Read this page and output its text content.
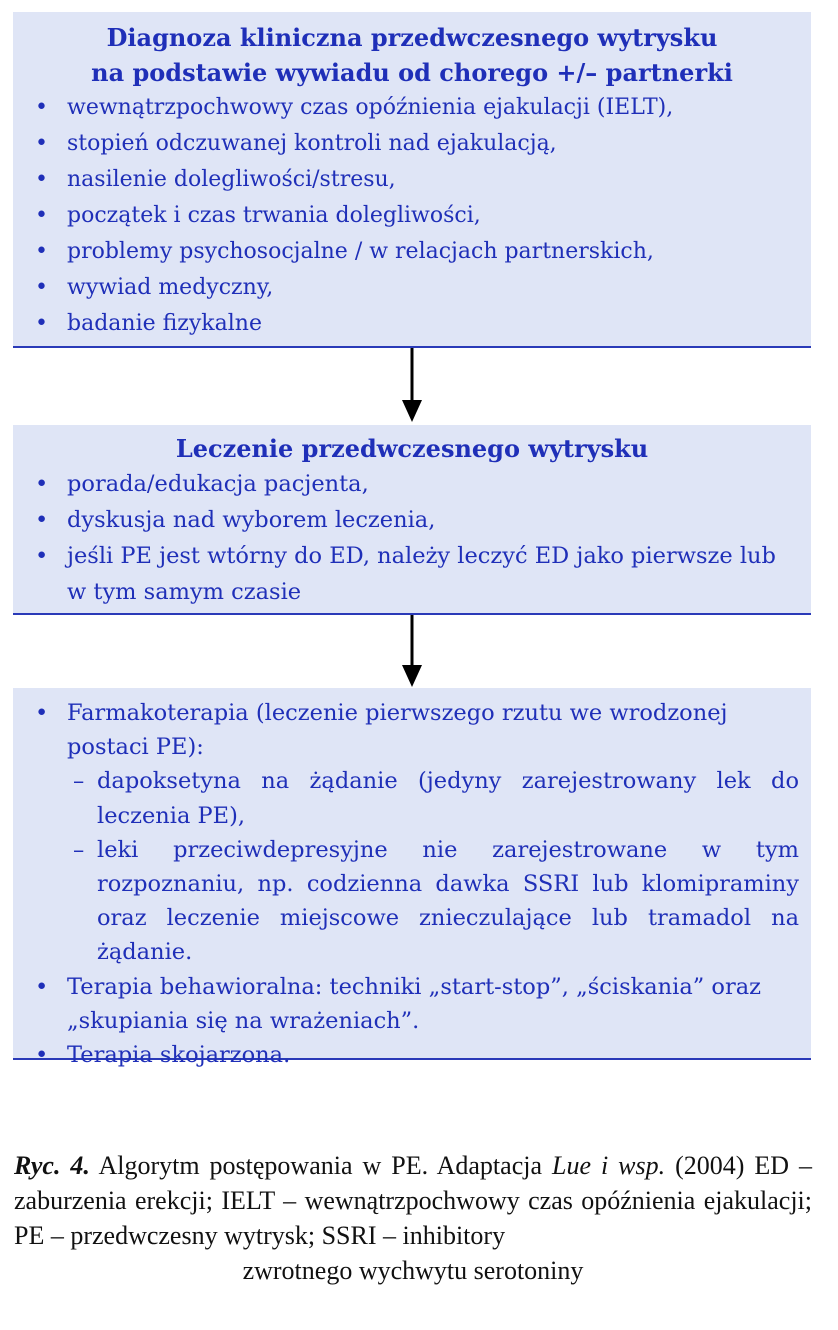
Diagnoza kliniczna przedwczesnego wytrysku
na podstawie wywiadu od chorego +/– partnerki
• wewnątrzpochwowy czas opóźnienia ejakulacji (IELT),
• stopień odczuwanej kontroli nad ejakulacją,
• nasilenie dolegliwości/stresu,
• początek i czas trwania dolegliwości,
• problemy psychosocjalne / w relacjach partnerskich,
• wywiad medyczny,
• badanie fizykalne
Leczenie przedwczesnego wytrysku
• porada/edukacja pacjenta,
• dyskusja nad wyborem leczenia,
• jeśli PE jest wtórny do ED, należy leczyć ED jako pierwsze lub w tym samym czasie
• Farmakoterapia (leczenie pierwszego rzutu we wrodzonej postaci PE):
– dapoksetyna na żądanie (jedyny zarejestrowany lek do leczenia PE),
– leki przeciwdepresyjne nie zarejestrowane w tym rozpoznaniu, np. codzienna dawka SSRI lub klomipraminy oraz leczenie miejscowe znieczulające lub tramadol na żądanie.
• Terapia behawioralna: techniki „start-stop”, „ściskania” oraz „skupiania się na wrażeniach”.
• Terapia skojarzona.
Ryc. 4. Algorytm postępowania w PE. Adaptacja Lue i wsp. (2004) ED – zaburzenia erekcji; IELT – wewnątrzpochwowy czas opóźnienia ejakulacji; PE – przedwczesny wytrysk; SSRI – inhibitory
zwrotnego wychwytu serotoniny
